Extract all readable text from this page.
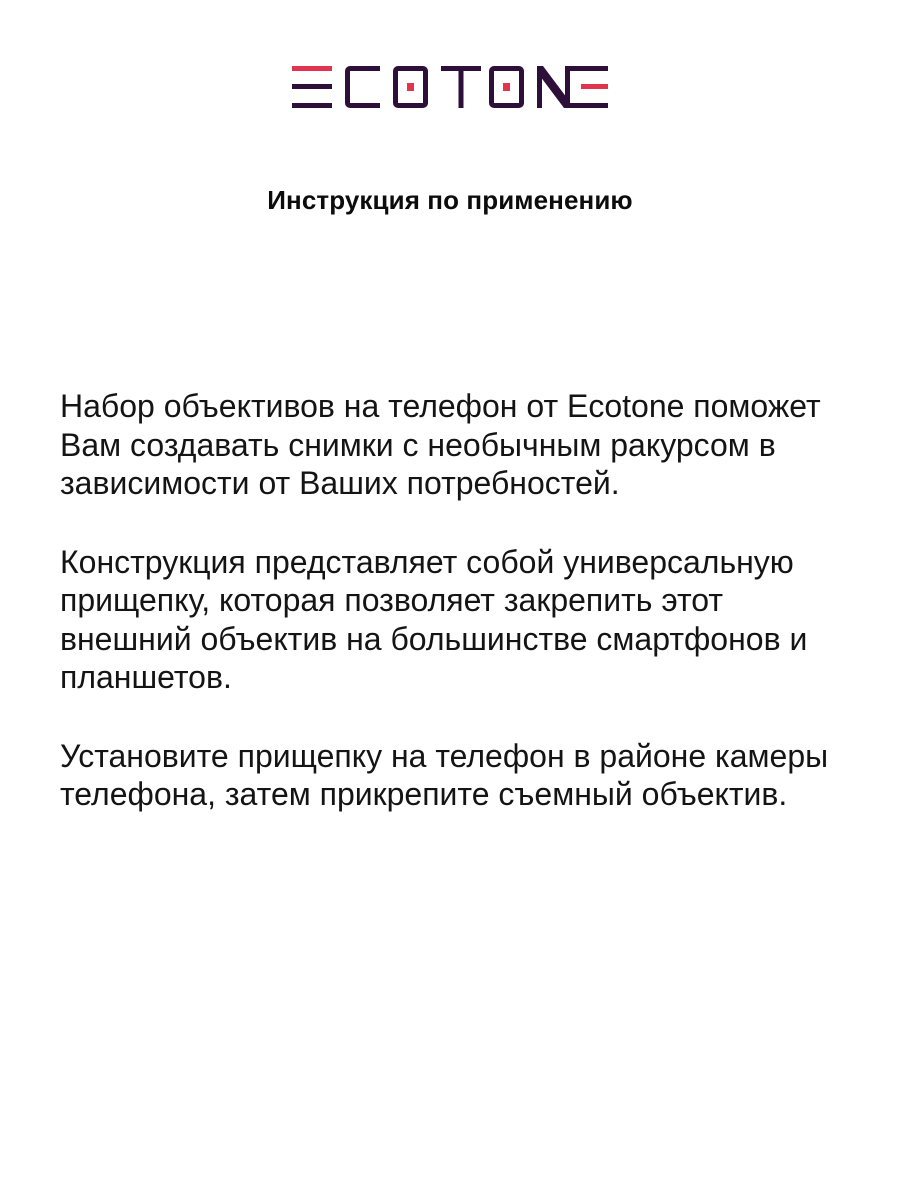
Инструкция по применению

Набор объективов на телефон от Ecotone поможет Вам создавать снимки с необычным ракурсом в зависимости от Ваших потребностей.

Конструкция представляет собой универсальную прищепку, которая позволяет закрепить этот внешний объектив на большинстве смартфонов и планшетов.

Установите прищепку на телефон в районе камеры телефона, затем прикрепите съемный объектив.
